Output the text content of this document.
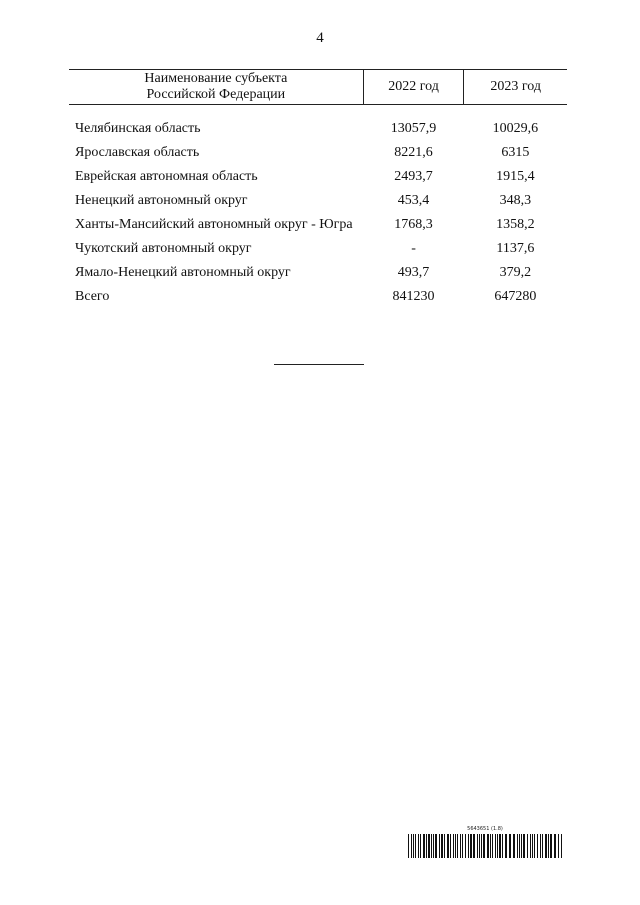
4
Наименование субъекта
Российской Федерации	2022 год	2023 год

Челябинская область	13057,9	10029,6
Ярославская область	8221,6	6315
Еврейская автономная область	2493,7	1915,4
Ненецкий автономный округ	453,4	348,3
Ханты-Мансийский автономный округ - Югра	1768,3	1358,2
Чукотский автономный округ	-	1137,6
Ямало-Ненецкий автономный округ	493,7	379,2
Всего	841230	647280
5643651 (1.8)
